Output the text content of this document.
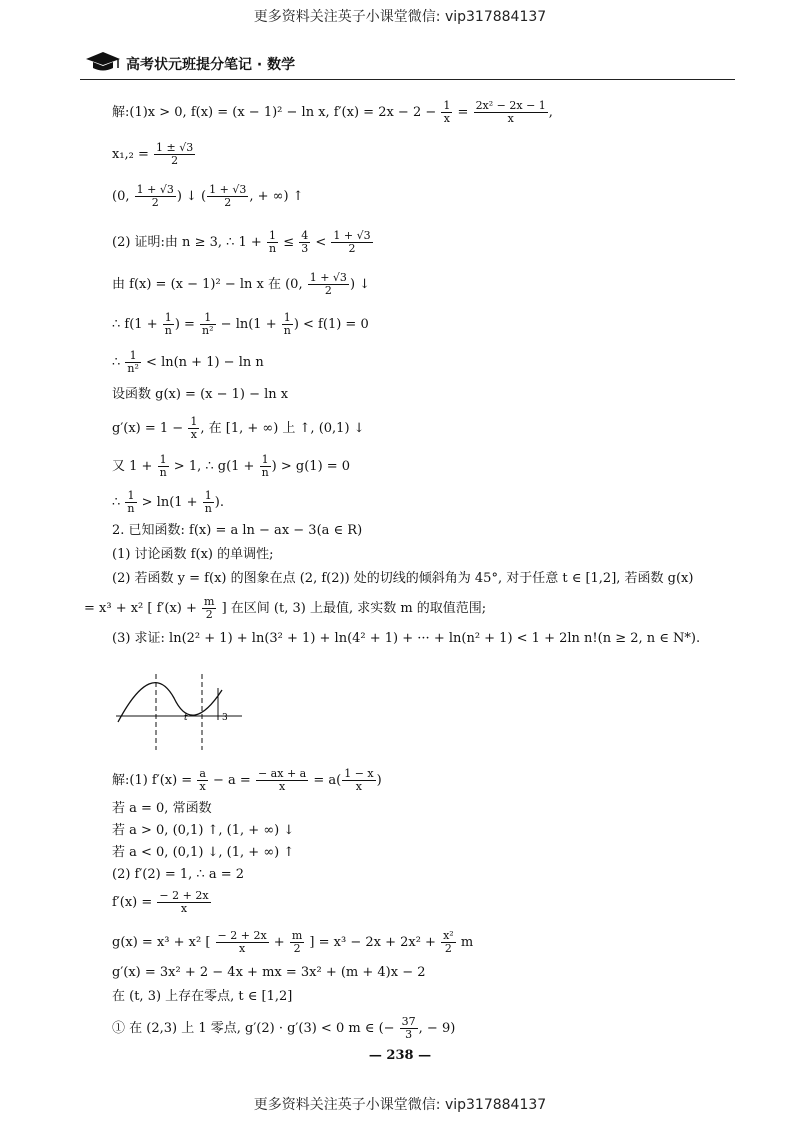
更多资料关注英子小课堂微信: vip317884137
高考状元班提分笔记 · 数学
解:(1)x > 0, f(x) = (x − 1)² − ln x, $f'(x) = 2x - 2 - \frac{1}{x} = \frac{\text{2x² − 2x − 1}}{x}$ ,
$x_1,_2 = \frac{1 \pm √3}{2}$
(0, $\frac{1 + √3}{2}$ ) ↓ ( $\frac{1 + √3}{2}$ , + ∞) ↑
(2) 证明:由 n ≥ 3, ∴ $1 + \frac{1}{n} \le \frac{4}{3} < \frac{1 + √3}{2}$
由 f(x) = (x − 1)² − ln x 在 (0, $\frac{1 + √3}{2}$ ) ↓
∴ $f(1 + \frac{1}{n}$ ) = $\frac{1}{\text{n²}} - \ln(1 + \frac{1}{n}$ ) < f(1) = 0
∴ $\frac{1}{\text{n²}} < \ln(n + 1) - \ln n$
设函数 g(x) = (x − 1) − ln x
$g'(x) = 1 - \frac{1}{x}$ , 在 [1, + ∞) 上 ↑, (0,1) ↓
又 $1 + \frac{1}{n} > 1$, ∴ $g(1 + \frac{1}{n}$ ) > g(1) = 0
∴ $\frac{1}{n} > \ln(1 + \frac{1}{n}$ ).
2. 已知函数: f(x) = a ln − ax − 3(a ∈ R)
(1) 讨论函数 f(x) 的单调性;
(2) 若函数 y = f(x) 的图象在点 (2, f(2)) 处的切线的倾斜角为 45°, 对于任意 t ∈ [1,2], 若函数 g(x)
= x³ + x² [ $f'(x) + \frac{m}{2}$ ] 在区间 (t, 3) 上最值, 求实数 m 的取值范围;
(3) 求证: ln(2² + 1) + ln(3² + 1) + ln(4² + 1) + ··· + ln(n² + 1) < 1 + 2ln n!(n ≥ 2, n ∈ N*).
t	3
解:(1) $f'(x) = \frac{a}{x} - a = \frac{- ax + a}{x} = a( \frac{1 - x}{x}$ )
若 a = 0, 常函数
若 a > 0, (0,1) ↑, (1, + ∞) ↓
若 a < 0, (0,1) ↓, (1, + ∞) ↑
(2) f′(2) = 1, ∴ a = 2
$f'(x) = \frac{- 2 + 2x}{x}$
g(x) = x³ + x² [ $\frac{- 2 + 2x}{x} + \frac{m}{2}$ ] = $x^3 - 2x + 2x^2 + \frac{\text{x²}}{2}$ m
g′(x) = 3x² + 2 − 4x + mx = 3x² + (m + 4)x − 2
在 (t, 3) 上存在零点, t ∈ [1,2]
① 在 (2,3) 上 1 零点, g′(2) · g′(3) < 0 m ∈ (− $\frac{37}{3}$ , − 9)
— 238 —
更多资料关注英子小课堂微信: vip317884137
